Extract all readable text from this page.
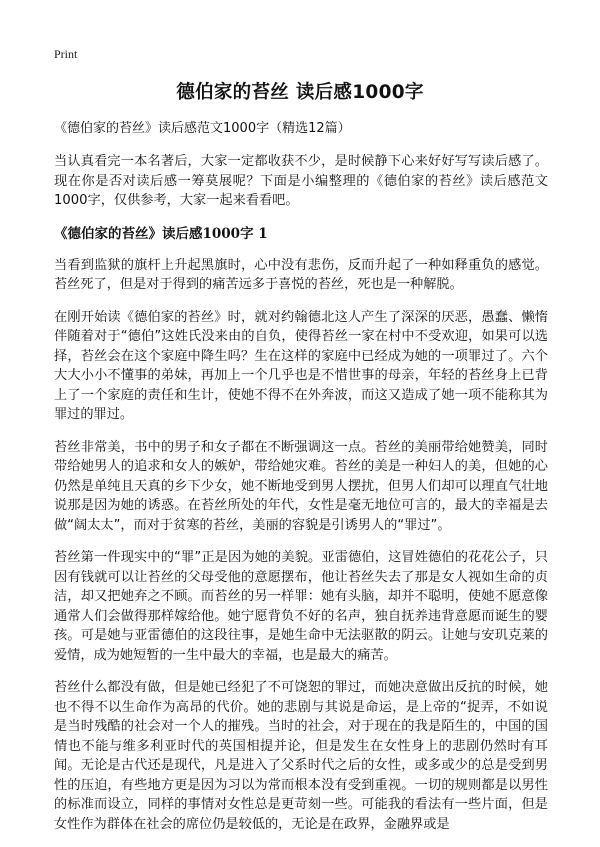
Print
德伯家的苔丝 读后感1000字
《德伯家的苔丝》读后感范文1000字（精选12篇）

当认真看完一本名著后，大家一定都收获不少，是时候静下心来好好写写读后感了。现在你是否对读后感一筹莫展呢？下面是小编整理的《德伯家的苔丝》读后感范文1000字，仅供参考，大家一起来看看吧。

《德伯家的苔丝》读后感1000字 1

当看到监狱的旗杆上升起黑旗时，心中没有悲伤，反而升起了一种如释重负的感觉。苔丝死了，但是对于得到的痛苦远多于喜悦的苔丝，死也是一种解脱。

在刚开始读《德伯家的苔丝》时，就对约翰德北这人产生了深深的厌恶，愚蠢、懒惰伴随着对于“德伯”这姓氏没来由的自负，使得苔丝一家在村中不受欢迎，如果可以选择，苔丝会在这个家庭中降生吗？生在这样的家庭中已经成为她的一项罪过了。六个大大小小不懂事的弟妹，再加上一个几乎也是不惜世事的母亲，年轻的苔丝身上已背上了一个家庭的责任和生计，使她不得不在外奔波，而这又造成了她一项不能称其为罪过的罪过。

苔丝非常美，书中的男子和女子都在不断强调这一点。苔丝的美丽带给她赞美，同时带给她男人的追求和女人的嫉妒，带给她灾难。苔丝的美是一种妇人的美，但她的心仍然是单纯且天真的乡下少女，她不断地受到男人摆扰，但男人们却可以理直气壮地说那是因为她的诱惑。在苔丝所处的年代，女性是毫无地位可言的，最大的幸福是去做“阔太太”，而对于贫寒的苔丝，美丽的容貌是引诱男人的“罪过”。

苔丝第一件现实中的“罪”正是因为她的美貌。亚雷德伯，这冒姓德伯的花花公子，只因有钱就可以让苔丝的父母受他的意愿摆布，他让苔丝失去了那是女人视如生命的贞洁，却又把她弃之不顾。而苔丝的另一样罪：她有头脑，却并不聪明，使她不愿意像通常人们会做得那样嫁给他。她宁愿背负不好的名声，独自抚养违背意愿而诞生的婴孩。可是她与亚雷德伯的这段往事，是她生命中无法驱散的阴云。让她与安玑克莱的爱情，成为她短暂的一生中最大的幸福，也是最大的痛苦。

苔丝什么都没有做，但是她已经犯了不可饶恕的罪过，而她决意做出反抗的时候，她也不得不以生命作为高昂的代价。她的悲剧与其说是命运，是上帝的“捉弄，不如说是当时残酷的社会对一个人的摧残。当时的社会，对于现在的我是陌生的，中国的国情也不能与维多利亚时代的英国相提并论，但是发生在女性身上的悲剧仍然时有耳闻。无论是古代还是现代，凡是进入了父系时代之后的女性，或多或少的总是受到男性的压迫，有些地方更是因为习以为常而根本没有受到重视。一切的规则都是以男性的标准而设立，同样的事情对女性总是更苛刻一些。可能我的看法有一些片面，但是女性作为群体在社会的席位仍是较低的，无论是在政界，金融界或是
